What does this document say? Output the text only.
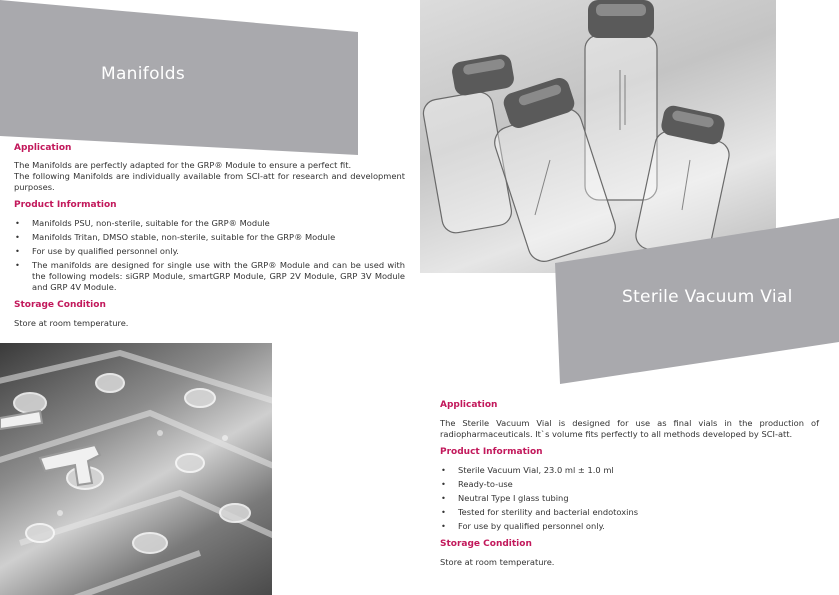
Manifolds
Application
The Manifolds are perfectly adapted for the GRP® Module to ensure a perfect fit.
The following Manifolds are individually available from SCI-att for research and development purposes.
Product Information
• Manifolds PSU, non-sterile, suitable for the GRP® Module
• Manifolds Tritan, DMSO stable, non-sterile, suitable for the GRP® Module
• For use by qualified personnel only.
• The manifolds are designed for single use with the GRP® Module and can be used with the following models: siGRP Module, smartGRP Module, GRP 2V Module, GRP 3V Module and GRP 4V Module.
Storage Condition
Store at room temperature.
Sterile Vacuum Vial
Application
The Sterile Vacuum Vial is designed for use as final vials in the production of radiopharmaceuticals. It`s volume fits perfectly to all methods developed by SCI-att.
Product Information
• Sterile Vacuum Vial, 23.0 ml ± 1.0 ml
• Ready-to-use
• Neutral Type I glass tubing
• Tested for sterility and bacterial endotoxins
• For use by qualified personnel only.
Storage Condition
Store at room temperature.
